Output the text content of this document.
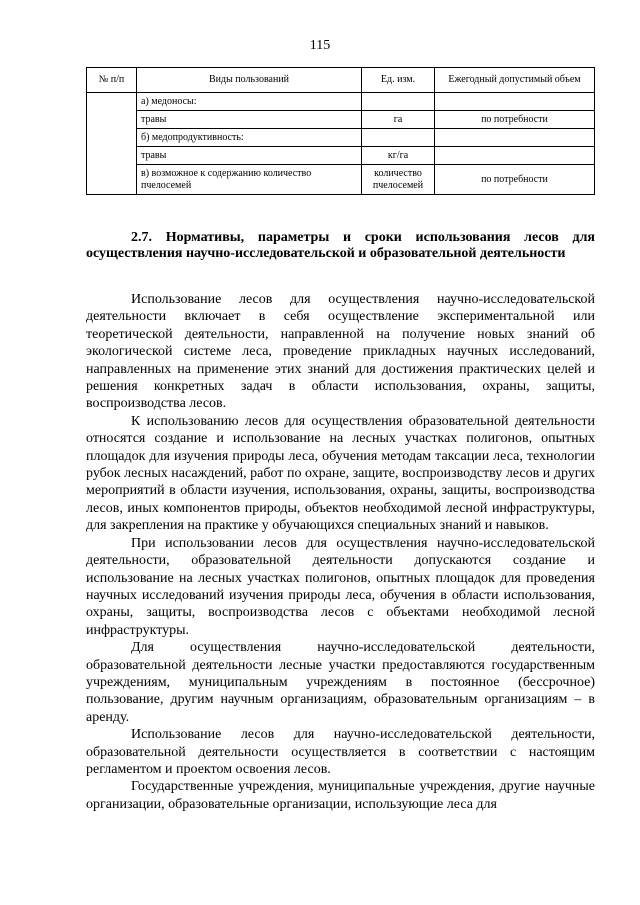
115
№ п/п	Виды пользований	Ед. изм.	Ежегодный допустимый объем
	а) медоносы:		
	травы	га	по потребности
	б) медопродуктивность:		
	травы	кг/га	
	в) возможное к содержанию количество пчелосемей	количество пчелосемей	по потребности
2.7. Нормативы, параметры и сроки использования лесов для осуществления научно-исследовательской и образовательной деятельности

Использование лесов для осуществления научно-исследовательской деятельности включает в себя осуществление экспериментальной или теоретической деятельности, направленной на получение новых знаний об экологической системе леса, проведение прикладных научных исследований, направленных на применение этих знаний для достижения практических целей и решения конкретных задач в области использования, охраны, защиты, воспроизводства лесов.

К использованию лесов для осуществления образовательной деятельности относятся создание и использование на лесных участках полигонов, опытных площадок для изучения природы леса, обучения методам таксации леса, технологии рубок лесных насаждений, работ по охране, защите, воспроизводству лесов и других мероприятий в области изучения, использования, охраны, защиты, воспроизводства лесов, иных компонентов природы, объектов необходимой лесной инфраструктуры, для закрепления на практике у обучающихся специальных знаний и навыков.

При использовании лесов для осуществления научно-исследовательской деятельности, образовательной деятельности допускаются создание и использование на лесных участках полигонов, опытных площадок для проведения научных исследований изучения природы леса, обучения в области использования, охраны, защиты, воспроизводства лесов с объектами необходимой лесной инфраструктуры.

Для осуществления научно-исследовательской деятельности, образовательной деятельности лесные участки предоставляются государственным учреждениям, муниципальным учреждениям в постоянное (бессрочное) пользование, другим научным организациям, образовательным организациям – в аренду.

Использование лесов для научно-исследовательской деятельности, образовательной деятельности осуществляется в соответствии с настоящим регламентом и проектом освоения лесов.

Государственные учреждения, муниципальные учреждения, другие научные организации, образовательные организации, использующие леса для
